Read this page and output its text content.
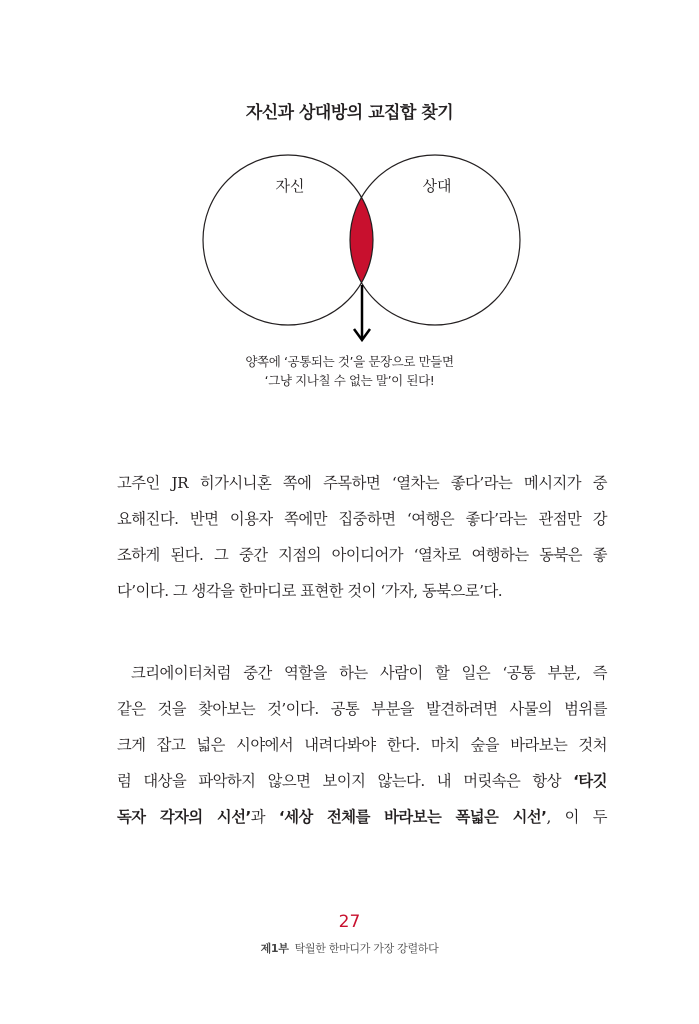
자신과 상대방의 교집합 찾기
자신	상대
양쪽에 ‘공통되는 것’을 문장으로 만들면
‘그냥 지나칠 수 없는 말’이 된다!
고주인 JR 히가시니혼 쪽에 주목하면 ‘열차는 좋다’라는 메시지가 중
요해진다. 반면 이용자 쪽에만 집중하면 ‘여행은 좋다’라는 관점만 강
조하게 된다. 그 중간 지점의 아이디어가 ‘열차로 여행하는 동북은 좋
다’이다. 그 생각을 한마디로 표현한 것이 ‘가자, 동북으로’다.
크리에이터처럼 중간 역할을 하는 사람이 할 일은 ‘공통 부분, 즉
같은 것을 찾아보는 것’이다. 공통 부분을 발견하려면 사물의 범위를
크게 잡고 넓은 시야에서 내려다봐야 한다. 마치 숲을 바라보는 것처
럼 대상을 파악하지 않으면 보이지 않는다. 내 머릿속은 항상 ‘타깃
독자 각자의 시선’과 ‘세상 전체를 바라보는 폭넓은 시선’, 이 두
27
제1부 탁월한 한마디가 가장 강렬하다
